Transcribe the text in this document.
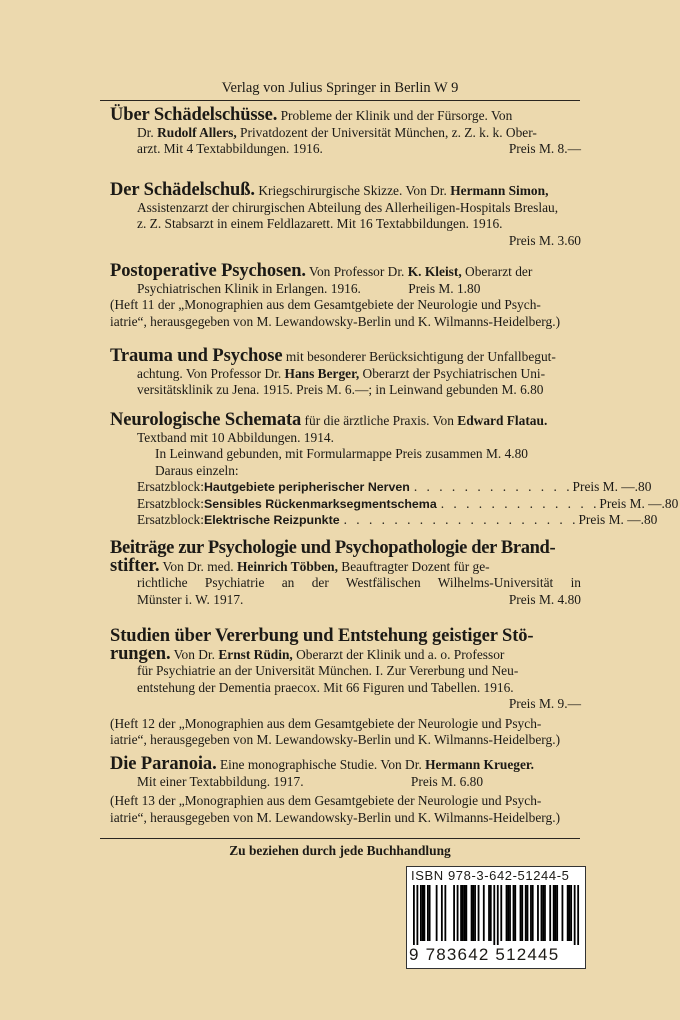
Verlag von Julius Springer in Berlin W 9
Über Schädelschüsse. Probleme der Klinik und der Fürsorge. Von
Dr. Rudolf Allers, Privatdozent der Universität München, z. Z. k. k. Ober-
arzt. Mit 4 Textabbildungen. 1916.	Preis M. 8.—
Der Schädelschuß. Kriegschirurgische Skizze. Von Dr. Hermann Simon,
Assistenzarzt der chirurgischen Abteilung des Allerheiligen-Hospitals Breslau,
z. Z. Stabsarzt in einem Feldlazarett. Mit 16 Textabbildungen. 1916.
Preis M. 3.60
Postoperative Psychosen. Von Professor Dr. K. Kleist, Oberarzt der
Psychiatrischen Klinik in Erlangen. 1916.	Preis M. 1.80
(Heft 11 der „Monographien aus dem Gesamtgebiete der Neurologie und Psych-
iatrie“, herausgegeben von M. Lewandowsky-Berlin und K. Wilmanns-Heidelberg.)
Trauma und Psychose mit besonderer Berücksichtigung der Unfallbegut-
achtung. Von Professor Dr. Hans Berger, Oberarzt der Psychiatrischen Uni-
versitätsklinik zu Jena. 1915. Preis M. 6.—; in Leinwand gebunden M. 6.80
Neurologische Schemata für die ärztliche Praxis. Von Edward Flatau.
Textband mit 10 Abbildungen. 1914.
In Leinwand gebunden, mit Formularmappe Preis zusammen M. 4.80
Daraus einzeln:
Ersatzblock: Hautgebiete peripherischer Nerven . . . . . . . . . . . . . Preis M. —.80
Ersatzblock: Sensibles Rückenmarksegmentschema . . . . . . . . . . . . . Preis M. —.80
Ersatzblock: Elektrische Reizpunkte . . . . . . . . . . . . . . . . . . . Preis M. —.80
Beiträge zur Psychologie und Psychopathologie der Brand-
stifter. Von Dr. med. Heinrich Többen, Beauftragter Dozent für ge-
richtliche Psychiatrie an der Westfälischen Wilhelms-Universität in
Münster i. W. 1917.	Preis M. 4.80
Studien über Vererbung und Entstehung geistiger Stö-
rungen. Von Dr. Ernst Rüdin, Oberarzt der Klinik und a. o. Professor
für Psychiatrie an der Universität München. I. Zur Vererbung und Neu-
entstehung der Dementia praecox. Mit 66 Figuren und Tabellen. 1916.
Preis M. 9.—
(Heft 12 der „Monographien aus dem Gesamtgebiete der Neurologie und Psych-
iatrie“, herausgegeben von M. Lewandowsky-Berlin und K. Wilmanns-Heidelberg.)
Die Paranoia. Eine monographische Studie. Von Dr. Hermann Krueger.
Mit einer Textabbildung. 1917.	Preis M. 6.80
(Heft 13 der „Monographien aus dem Gesamtgebiete der Neurologie und Psych-
iatrie“, herausgegeben von M. Lewandowsky-Berlin und K. Wilmanns-Heidelberg.)
Zu beziehen durch jede Buchhandlung
ISBN 978-3-642-51244-5
9 783642 512445
